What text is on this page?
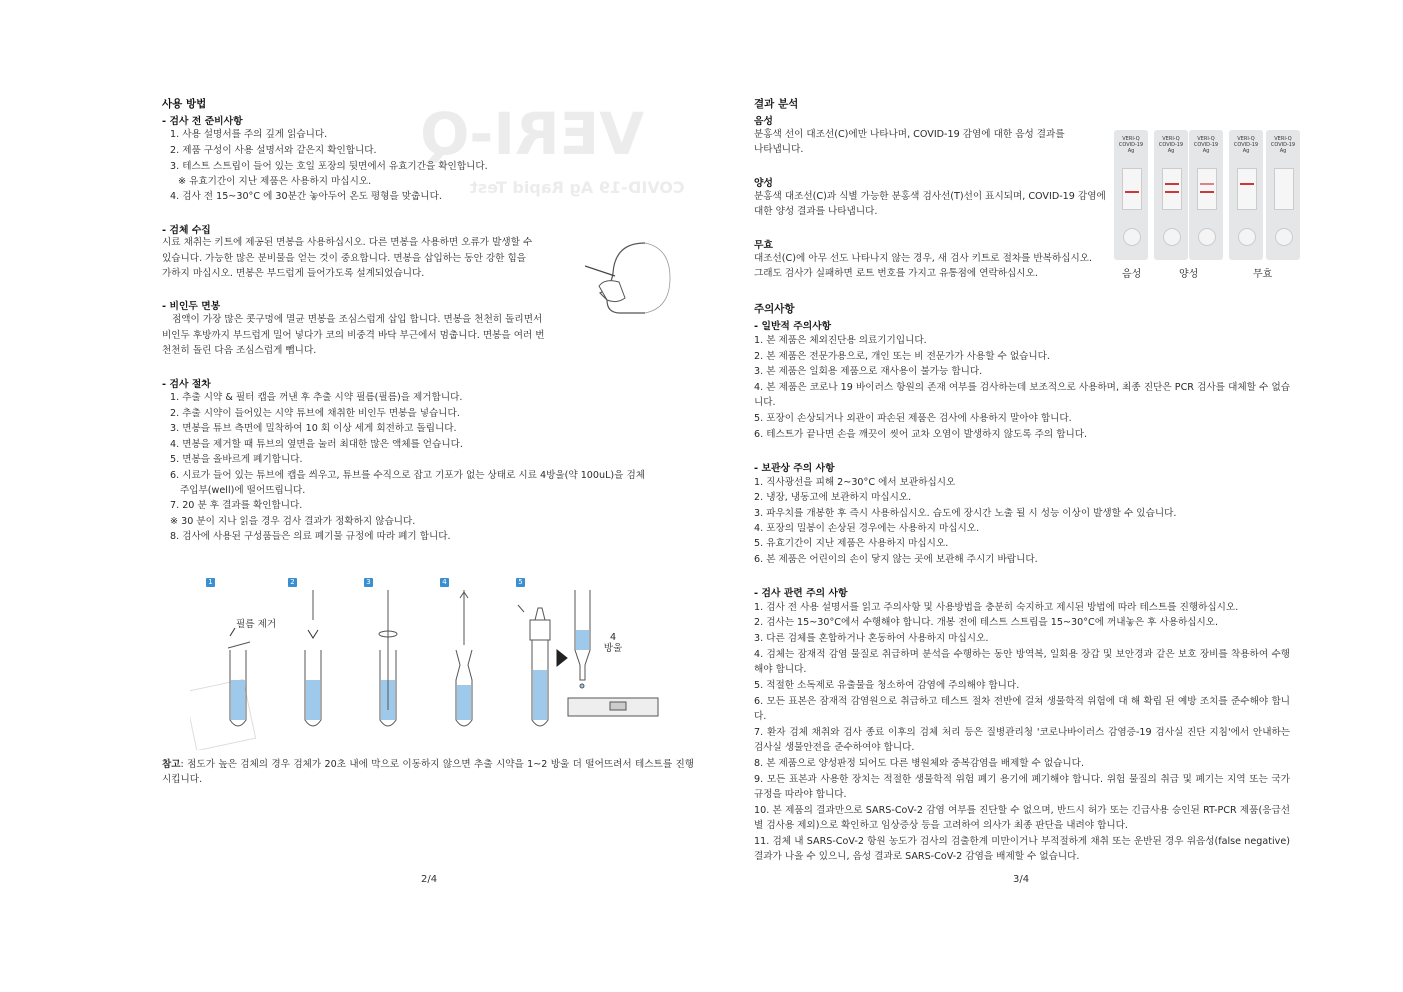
VERI-Q
COVID-19 Ag Rapid Test
사용 방법
- 검사 전 준비사항
1. 사용 설명서를 주의 깊게 읽습니다.
2. 제품 구성이 사용 설명서와 같은지 확인합니다.
3. 테스트 스트립이 들어 있는 호일 포장의 뒷면에서 유효기간을 확인합니다.
※ 유효기간이 지난 제품은 사용하지 마십시오.
4. 검사 전 15~30°C 에 30분간 놓아두어 온도 평형을 맞춥니다.
- 검체 수집
시료 채취는 키트에 제공된 면봉을 사용하십시오. 다른 면봉을 사용하면 오류가 발생할 수
있습니다. 가능한 많은 분비물을 얻는 것이 중요합니다. 면봉을 삽입하는 동안 강한 힘을
가하지 마십시오. 면봉은 부드럽게 들어가도록 설계되었습니다.
- 비인두 면봉
점액이 가장 많은 콧구멍에 멸균 면봉을 조심스럽게 삽입 합니다. 면봉을 천천히 돌리면서
비인두 후방까지 부드럽게 밀어 넣다가 코의 비중격 바닥 부근에서 멈춥니다. 면봉을 여러 번
천천히 돌린 다음 조심스럽게 뺍니다.
- 검사 절차
1. 추출 시약 & 필터 캡을 꺼낸 후 추출 시약 필름(필름)을 제거합니다.
2. 추출 시약이 들어있는 시약 튜브에 채취한 비인두 면봉을 넣습니다.
3. 면봉을 튜브 측면에 밀착하여 10 회 이상 세게 회전하고 돌립니다.
4. 면봉을 제거할 때 튜브의 옆면을 눌러 최대한 많은 액체를 얻습니다.
5. 면봉을 올바르게 폐기합니다.
6. 시료가 들어 있는 튜브에 캡을 씌우고, 튜브를 수직으로 잡고 기포가 없는 상태로 시료 4방울(약 100uL)을 검체
주입부(well)에 떨어뜨립니다.
7. 20 분 후 결과를 확인합니다.
※ 30 분이 지나 읽을 경우 검사 결과가 정확하지 않습니다.
8. 검사에 사용된 구성품들은 의료 폐기물 규정에 따라 폐기 합니다.
1	2	3	4	5
필름 제거
4
방울
참고: 점도가 높은 검체의 경우 검체가 20초 내에 막으로 이동하지 않으면 추출 시약을 1~2 방울 더 떨어뜨려서 테스트를 진행시킵니다.
2/4
결과 분석
음성
분홍색 선이 대조선(C)에만 나타나며, COVID-19 감염에 대한 음성 결과를
나타냅니다.
양성
분홍색 대조선(C)과 식별 가능한 분홍색 검사선(T)선이 표시되며, COVID-19 감염에
대한 양성 결과를 나타냅니다.
무효
대조선(C)에 아무 선도 나타나지 않는 경우, 새 검사 키트로 절차를 반복하십시오.
그래도 검사가 실패하면 로트 번호를 가지고 유통점에 연락하십시오.
VERI-Q COVID-19 Ag
VERI-Q COVID-19 Ag
VERI-Q COVID-19 Ag
VERI-Q COVID-19 Ag
VERI-Q COVID-19 Ag
음성	양성	무효
주의사항
- 일반적 주의사항
1. 본 제품은 체외진단용 의료기기입니다.
2. 본 제품은 전문가용으로, 개인 또는 비 전문가가 사용할 수 없습니다.
3. 본 제품은 일회용 제품으로 재사용이 불가능 합니다.
4. 본 제품은 코로나 19 바이러스 항원의 존재 여부를 검사하는데 보조적으로 사용하며, 최종 진단은 PCR 검사를 대체할 수 없습니다.
5. 포장이 손상되거나 외관이 파손된 제품은 검사에 사용하지 말아야 합니다.
6. 테스트가 끝나면 손을 깨끗이 씻어 교차 오염이 발생하지 않도록 주의 합니다.
- 보관상 주의 사항
1. 직사광선을 피해 2~30°C 에서 보관하십시오
2. 냉장, 냉동고에 보관하지 마십시오.
3. 파우치를 개봉한 후 즉시 사용하십시오. 습도에 장시간 노출 될 시 성능 이상이 발생할 수 있습니다.
4. 포장의 밀봉이 손상된 경우에는 사용하지 마십시오.
5. 유효기간이 지난 제품은 사용하지 마십시오.
6. 본 제품은 어린이의 손이 닿지 않는 곳에 보관해 주시기 바랍니다.
- 검사 관련 주의 사항
1. 검사 전 사용 설명서를 읽고 주의사항 및 사용방법을 충분히 숙지하고 제시된 방법에 따라 테스트를 진행하십시오.
2. 검사는 15~30°C에서 수행해야 합니다. 개봉 전에 테스트 스트립을 15~30°C에 꺼내놓은 후 사용하십시오.
3. 다른 검체를 혼합하거나 혼동하여 사용하지 마십시오.
4. 검체는 잠재적 감염 물질로 취급하며 분석을 수행하는 동안 방역복, 일회용 장갑 및 보안경과 같은 보호 장비를 착용하여 수행해야 합니다.
5. 적절한 소독제로 유출물을 청소하여 감염에 주의해야 합니다.
6. 모든 표본은 잠재적 감염원으로 취급하고 테스트 절차 전반에 걸쳐 생물학적 위험에 대 해 확립 된 예방 조치를 준수해야 합니다.
7. 환자 검체 채취와 검사 종료 이후의 검체 처리 등은 질병관리청 '코로나바이러스 감염증-19 검사실 진단 지침'에서 안내하는 검사실 생물안전을 준수하여야 합니다.
8. 본 제품으로 양성판정 되어도 다른 병원체와 중복감염을 배제할 수 없습니다.
9. 모든 표본과 사용한 장치는 적절한 생물학적 위험 폐기 용기에 폐기해야 합니다. 위험 물질의 취급 및 폐기는 지역 또는 국가 규정을 따라야 합니다.
10. 본 제품의 결과만으로 SARS-CoV-2 감염 여부를 진단할 수 없으며, 반드시 허가 또는 긴급사용 승인된 RT-PCR 제품(응급선별 검사용 제외)으로 확인하고 임상증상 등을 고려하여 의사가 최종 판단을 내려야 합니다.
11. 검체 내 SARS-CoV-2 항원 농도가 검사의 검출한계 미만이거나 부적절하게 채취 또는 운반된 경우 위음성(false negative) 결과가 나올 수 있으니, 음성 결과로 SARS-CoV-2 감염을 배제할 수 없습니다.
3/4
